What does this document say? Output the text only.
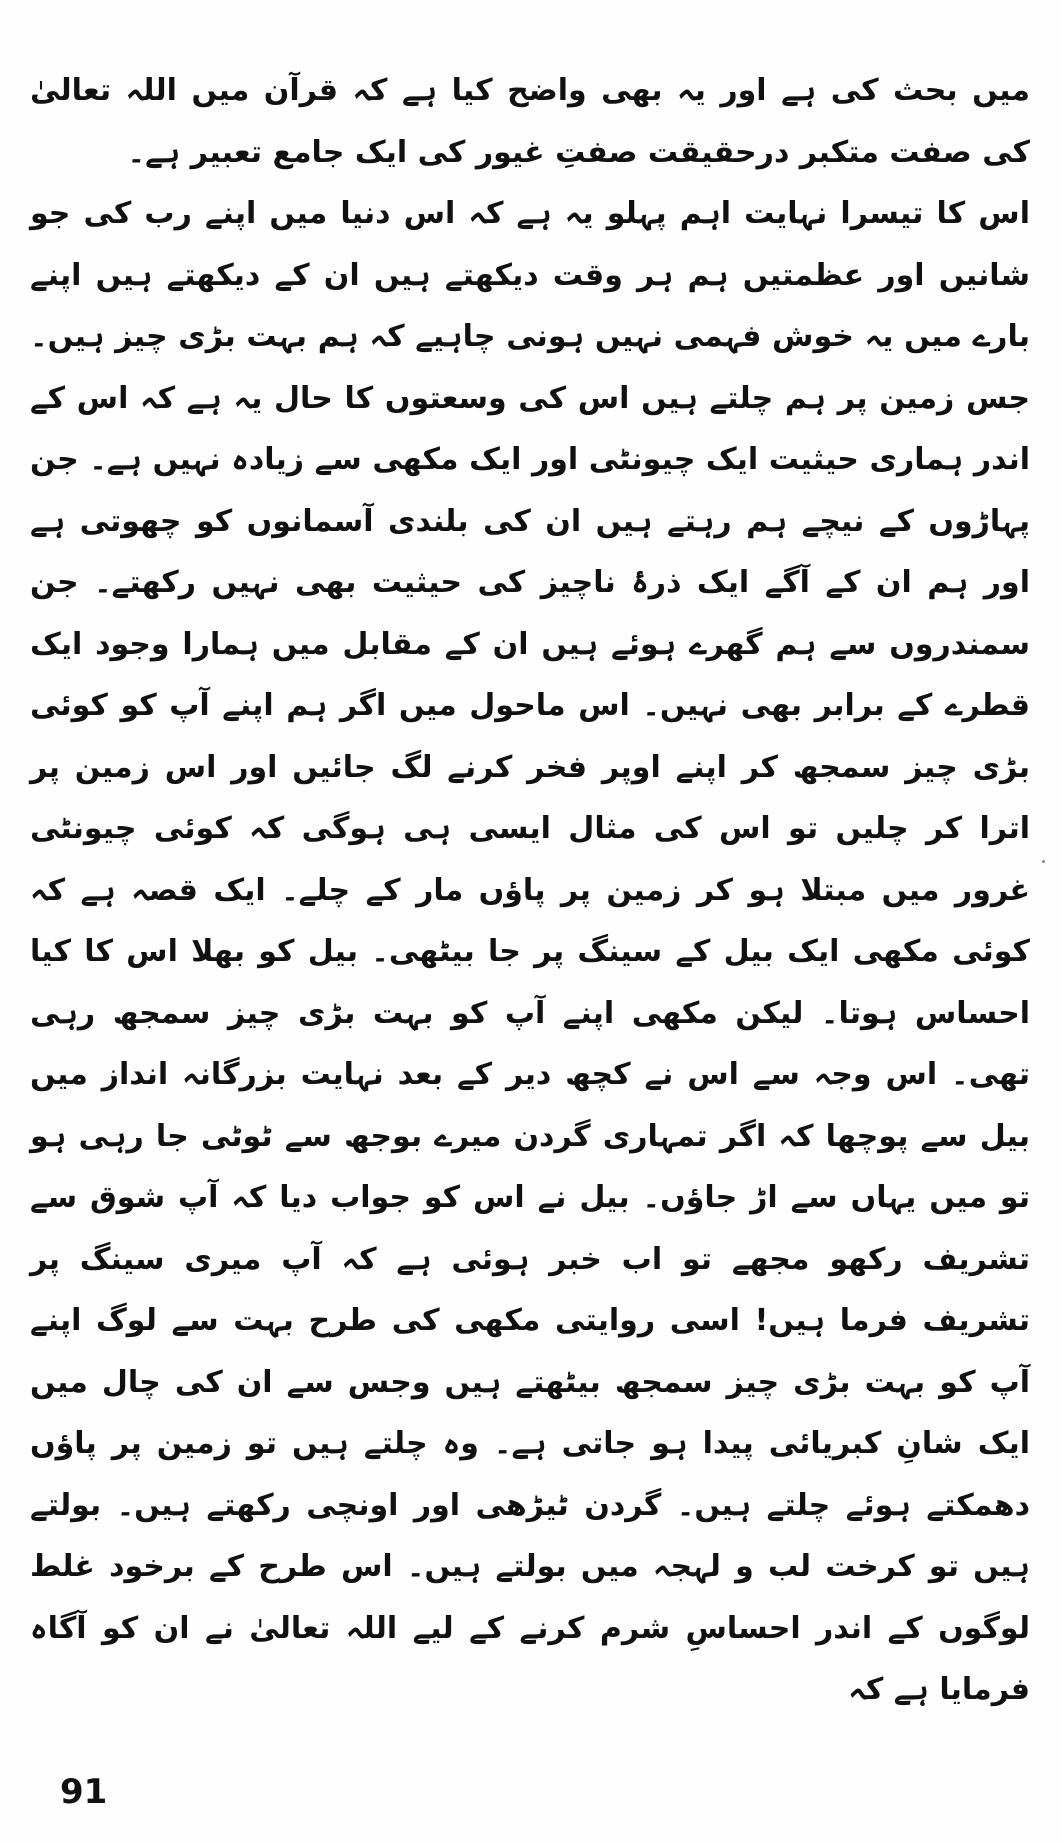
میں بحث کی ہے اور یہ بھی واضح کیا ہے کہ قرآن میں اللہ تعالیٰ کی صفت متکبر درحقیقت صفتِ غیور کی ایک جامع تعبیر ہے۔

اس کا تیسرا نہایت اہم پہلو یہ ہے کہ اس دنیا میں اپنے رب کی جو شانیں اور عظمتیں ہم ہر وقت دیکھتے ہیں ان کے دیکھتے ہیں اپنے بارے میں یہ خوش فہمی نہیں ہونی چاہیے کہ ہم بہت بڑی چیز ہیں۔ جس زمین پر ہم چلتے ہیں اس کی وسعتوں کا حال یہ ہے کہ اس کے اندر ہماری حیثیت ایک چیونٹی اور ایک مکھی سے زیادہ نہیں ہے۔ جن پہاڑوں کے نیچے ہم رہتے ہیں ان کی بلندی آسمانوں کو چھوتی ہے اور ہم ان کے آگے ایک ذرۂ ناچیز کی حیثیت بھی نہیں رکھتے۔ جن سمندروں سے ہم گھرے ہوئے ہیں ان کے مقابل میں ہمارا وجود ایک قطرے کے برابر بھی نہیں۔ اس ماحول میں اگر ہم اپنے آپ کو کوئی بڑی چیز سمجھ کر اپنے اوپر فخر کرنے لگ جائیں اور اس زمین پر اترا کر چلیں تو اس کی مثال ایسی ہی ہوگی کہ کوئی چیونٹی غرور میں مبتلا ہو کر زمین پر پاؤں مار کے چلے۔ ایک قصہ ہے کہ کوئی مکھی ایک بیل کے سینگ پر جا بیٹھی۔ بیل کو بھلا اس کا کیا احساس ہوتا۔ لیکن مکھی اپنے آپ کو بہت بڑی چیز سمجھ رہی تھی۔ اس وجہ سے اس نے کچھ دیر کے بعد نہایت بزرگانہ انداز میں بیل سے پوچھا کہ اگر تمہاری گردن میرے بوجھ سے ٹوٹی جا رہی ہو تو میں یہاں سے اڑ جاؤں۔ بیل نے اس کو جواب دیا کہ آپ شوق سے تشریف رکھو مجھے تو اب خبر ہوئی ہے کہ آپ میری سینگ پر تشریف فرما ہیں! اسی روایتی مکھی کی طرح بہت سے لوگ اپنے آپ کو بہت بڑی چیز سمجھ بیٹھتے ہیں وجس سے ان کی چال میں ایک شانِ کبریائی پیدا ہو جاتی ہے۔ وہ چلتے ہیں تو زمین پر پاؤں دھمکتے ہوئے چلتے ہیں۔ گردن ٹیڑھی اور اونچی رکھتے ہیں۔ بولتے ہیں تو کرخت لب و لہجہ میں بولتے ہیں۔ اس طرح کے برخود غلط لوگوں کے اندر احساسِ شرم کرنے کے لیے اللہ تعالیٰ نے ان کو آگاہ فرمایا ہے کہ

91
